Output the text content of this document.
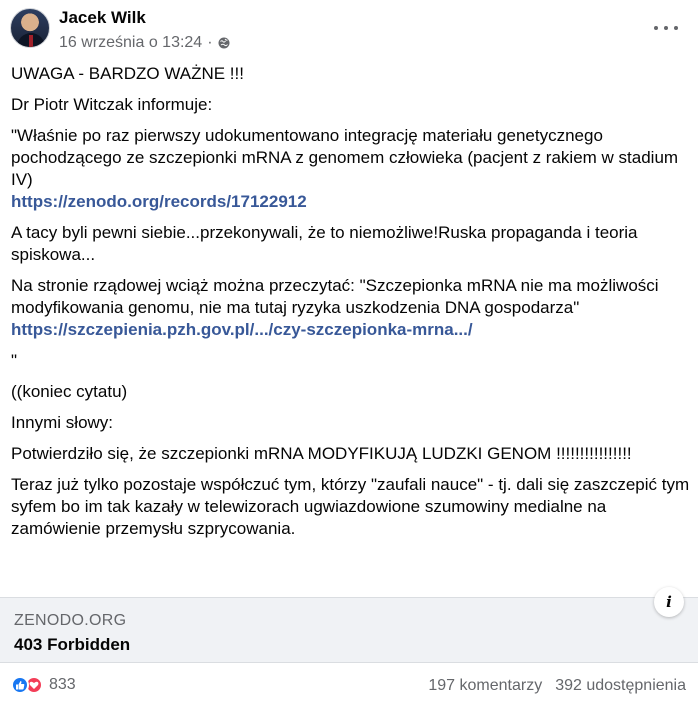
Jacek Wilk
16 września o 13:24 ·

UWAGA - BARDZO WAŻNE !!!

Dr Piotr Witczak informuje:

"Właśnie po raz pierwszy udokumentowano integrację materiału genetycznego pochodzącego ze szczepionki mRNA z genomem człowieka (pacjent z rakiem w stadium IV)
https://zenodo.org/records/17122912

A tacy byli pewni siebie...przekonywali, że to niemożliwe!Ruska propaganda i teoria spiskowa...

Na stronie rządowej wciąż można przeczytać: "Szczepionka mRNA nie ma możliwości modyfikowania genomu, nie ma tutaj ryzyka uszkodzenia DNA gospodarza"
https://szczepienia.pzh.gov.pl/.../czy-szczepionka-mrna.../

"

((koniec cytatu)

Innymi słowy:

Potwierdziło się, że szczepionki mRNA MODYFIKUJĄ LUDZKI GENOM !!!!!!!!!!!!!!!!

Teraz już tylko pozostaje współczuć tym, którzy "zaufali nauce" - tj. dali się zaszczepić tym syfem bo im tak kazały w telewizorach ugwiazdowione szumowiny medialne na zamówienie przemysłu szprycowania.

ZENODO.ORG
403 Forbidden
i
833	197 komentarzy 392 udostępnienia
